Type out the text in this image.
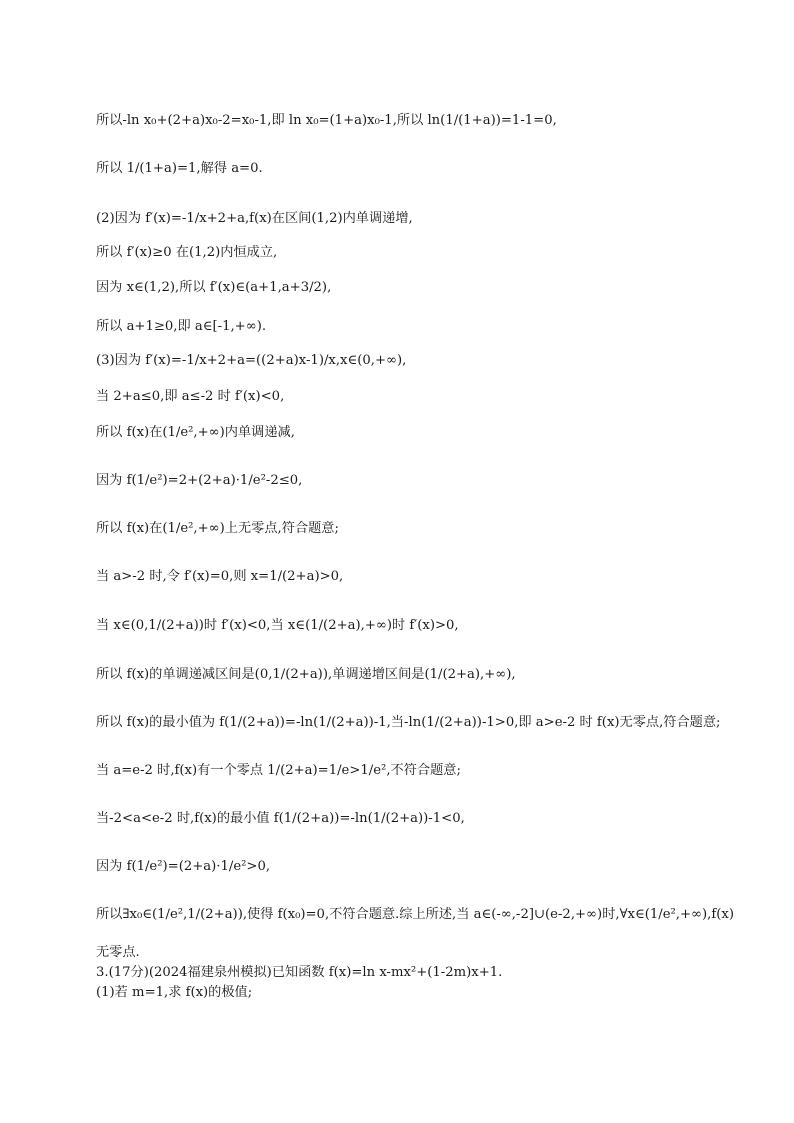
所以-ln x₀+(2+a)x₀-2=x₀-1,即 ln x₀=(1+a)x₀-1,所以 ln(1/(1+a))=1-1=0,
所以 1/(1+a)=1,解得 a=0.
(2)因为 f′(x)=-1/x+2+a,f(x)在区间(1,2)内单调递增,
所以 f′(x)≥0 在(1,2)内恒成立,
因为 x∈(1,2),所以 f′(x)∈(a+1,a+3/2),
所以 a+1≥0,即 a∈[-1,+∞).
(3)因为 f′(x)=-1/x+2+a=((2+a)x-1)/x,x∈(0,+∞),
当 2+a≤0,即 a≤-2 时 f′(x)<0,
所以 f(x)在(1/e²,+∞)内单调递减,
因为 f(1/e²)=2+(2+a)·1/e²-2≤0,
所以 f(x)在(1/e²,+∞)上无零点,符合题意;
当 a>-2 时,令 f′(x)=0,则 x=1/(2+a)>0,
当 x∈(0,1/(2+a))时 f′(x)<0,当 x∈(1/(2+a),+∞)时 f′(x)>0,
所以 f(x)的单调递减区间是(0,1/(2+a)),单调递增区间是(1/(2+a),+∞),
所以 f(x)的最小值为 f(1/(2+a))=-ln(1/(2+a))-1,当-ln(1/(2+a))-1>0,即 a>e-2 时 f(x)无零点,符合题意;
当 a=e-2 时,f(x)有一个零点 1/(2+a)=1/e>1/e²,不符合题意;
当-2<a<e-2 时,f(x)的最小值 f(1/(2+a))=-ln(1/(2+a))-1<0,
因为 f(1/e²)=(2+a)·1/e²>0,
所以∃x₀∈(1/e²,1/(2+a)),使得 f(x₀)=0,不符合题意.综上所述,当 a∈(-∞,-2]∪(e-2,+∞)时,∀x∈(1/e²,+∞),f(x)
无零点.
3.(17分)(2024福建泉州模拟)已知函数 f(x)=ln x-mx²+(1-2m)x+1.
(1)若 m=1,求 f(x)的极值;
